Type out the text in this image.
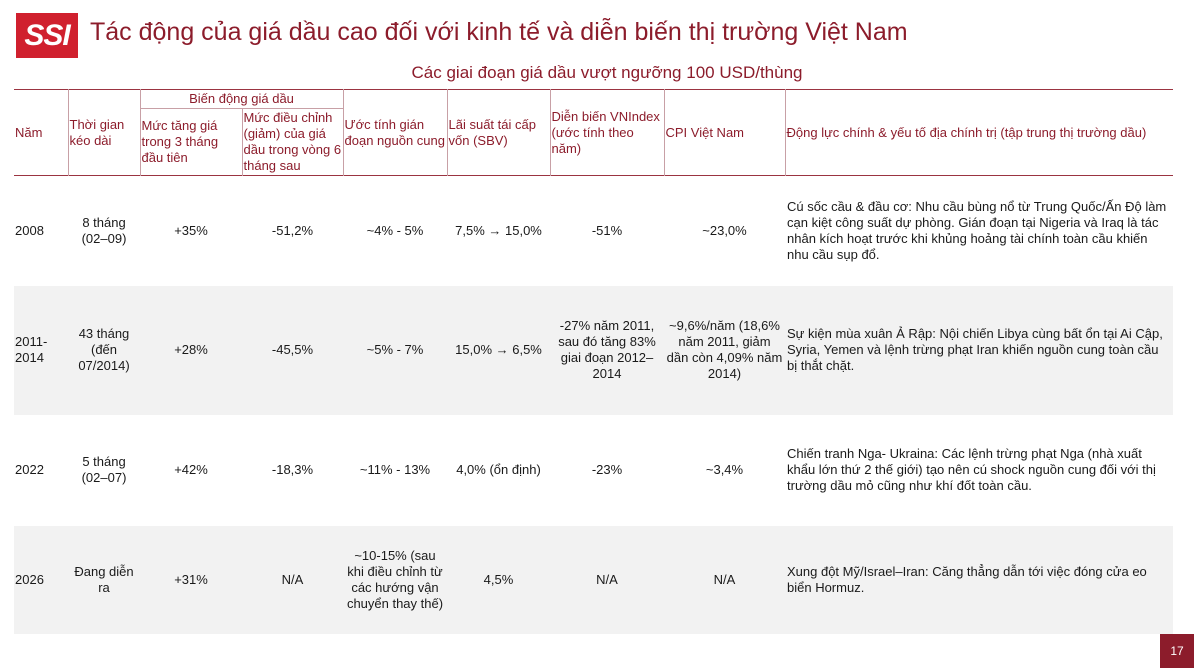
SSI Tác động của giá dầu cao đối với kinh tế và diễn biến thị trường Việt Nam
Các giai đoạn giá dầu vượt ngưỡng 100 USD/thùng
Năm	Thời gian kéo dài	Biến động giá dầu		Ước tính gián đoạn nguồn cung	Lãi suất tái cấp vốn (SBV)	Diễn biến VNIndex (ước tính theo năm)	CPI Việt Nam	Động lực chính & yếu tố địa chính trị (tập trung thị trường dầu)
		Mức tăng giá trong 3 tháng đầu tiên	Mức điều chỉnh (giảm) của giá dầu trong vòng 6 tháng sau					
2008	8 tháng (02–09)	+35%	-51,2%	~4% - 5%	7,5% → 15,0%	-51%	~23,0%	Cú sốc cầu & đầu cơ: Nhu cầu bùng nổ từ Trung Quốc/Ấn Độ làm cạn kiệt công suất dự phòng. Gián đoạn tại Nigeria và Iraq là tác nhân kích hoạt trước khi khủng hoảng tài chính toàn cầu khiến nhu cầu sụp đổ.
2011-2014	43 tháng (đến 07/2014)	+28%	-45,5%	~5% - 7%	15,0% → 6,5%	-27% năm 2011, sau đó tăng 83% giai đoạn 2012–2014	~9,6%/năm (18,6% năm 2011, giảm dần còn 4,09% năm 2014)	Sự kiện mùa xuân Ả Rập: Nội chiến Libya cùng bất ổn tại Ai Cập, Syria, Yemen và lệnh trừng phạt Iran khiến nguồn cung toàn cầu bị thắt chặt.
2022	5 tháng (02–07)	+42%	-18,3%	~11% - 13%	4,0% (ổn định)	-23%	~3,4%	Chiến tranh Nga- Ukraina: Các lệnh trừng phạt Nga (nhà xuất khẩu lớn thứ 2 thế giới) tạo nên cú shock nguồn cung đối với thị trường dầu mỏ cũng như khí đốt toàn cầu.
2026	Đang diễn ra	+31%	N/A	~10-15% (sau khi điều chỉnh từ các hướng vận chuyển thay thế)	4,5%	N/A	N/A	Xung đột Mỹ/Israel–Iran: Căng thẳng dẫn tới việc đóng cửa eo biển Hormuz.
17
